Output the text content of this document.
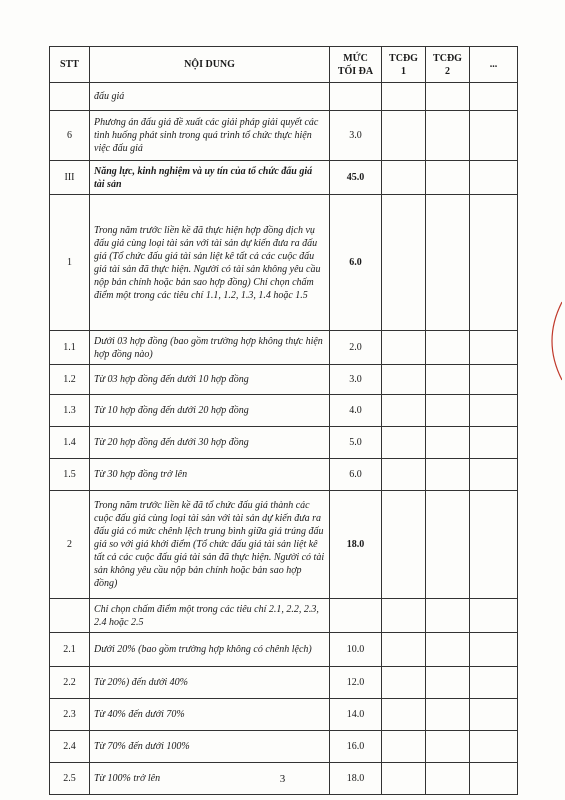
STT	NỘI DUNG	MỨC TỐI ĐA	TCĐG 1	TCĐG 2	...
	đấu giá				
6	Phương án đấu giá đề xuất các giải pháp giải quyết các tình huống phát sinh trong quá trình tổ chức thực hiện việc đấu giá	3.0			
III	Năng lực, kinh nghiệm và uy tín của tổ chức đấu giá tài sản	45.0			
1	Trong năm trước liền kề đã thực hiện hợp đồng dịch vụ đấu giá cùng loại tài sản với tài sản dự kiến đưa ra đấu giá (Tổ chức đấu giá tài sản liệt kê tất cả các cuộc đấu giá tài sản đã thực hiện. Người có tài sản không yêu cầu nộp bản chính hoặc bản sao hợp đồng) Chỉ chọn chấm điểm một trong các tiêu chí 1.1, 1.2, 1.3, 1.4 hoặc 1.5	6.0			
1.1	Dưới 03 hợp đồng (bao gồm trường hợp không thực hiện hợp đồng nào)	2.0			
1.2	Từ 03 hợp đồng đến dưới 10 hợp đồng	3.0			
1.3	Từ 10 hợp đồng đến dưới 20 hợp đồng	4.0			
1.4	Từ 20 hợp đồng đến dưới 30 hợp đồng	5.0			
1.5	Từ 30 hợp đồng trở lên	6.0			
2	Trong năm trước liền kề đã tổ chức đấu giá thành các cuộc đấu giá cùng loại tài sản với tài sản dự kiến đưa ra đấu giá có mức chênh lệch trung bình giữa giá trúng đấu giá so với giá khởi điểm (Tổ chức đấu giá tài sản liệt kê tất cả các cuộc đấu giá tài sản đã thực hiện. Người có tài sản không yêu cầu nộp bản chính hoặc bản sao hợp đồng)	18.0			
	Chỉ chọn chấm điểm một trong các tiêu chí 2.1, 2.2, 2.3, 2.4 hoặc 2.5				
2.1	Dưới 20% (bao gồm trường hợp không có chênh lệch)	10.0			
2.2	Từ 20%) đến dưới 40%	12.0			
2.3	Từ 40% đến dưới 70%	14.0			
2.4	Từ 70% đến dưới 100%	16.0			
2.5	Từ 100% trở lên	18.0			
3
